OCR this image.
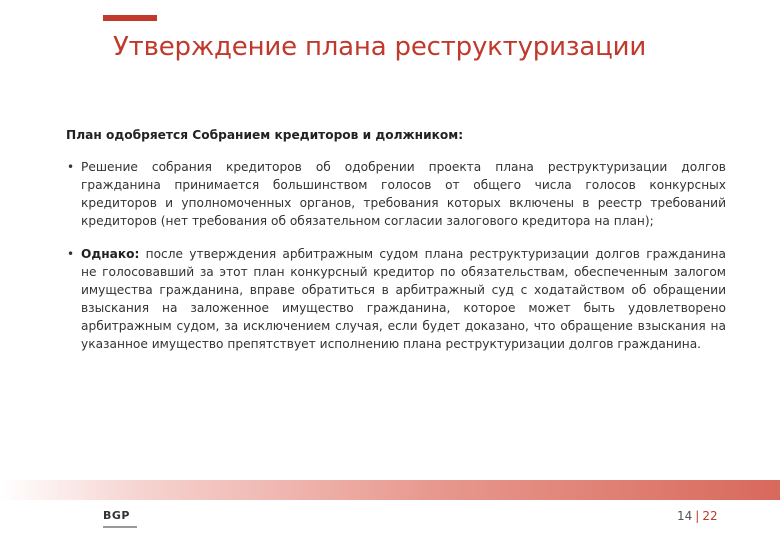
Утверждение плана реструктуризации

План одобряется Собранием кредиторов и должником:

• Решение собрания кредиторов об одобрении проекта плана реструктуризации долгов гражданина принимается большинством голосов от общего числа голосов конкурсных кредиторов и уполномоченных органов, требования которых включены в реестр требований кредиторов (нет требования об обязательном согласии залогового кредитора на план);
• Однако: после утверждения арбитражным судом плана реструктуризации долгов гражданина не голосовавший за этот план конкурсный кредитор по обязательствам, обеспеченным залогом имущества гражданина, вправе обратиться в арбитражный суд с ходатайством об обращении взыскания на заложенное имущество гражданина, которое может быть удовлетворено арбитражным судом, за исключением случая, если будет доказано, что обращение взыскания на указанное имущество препятствует исполнению плана реструктуризации долгов гражданина.
BGP	14 | 22
